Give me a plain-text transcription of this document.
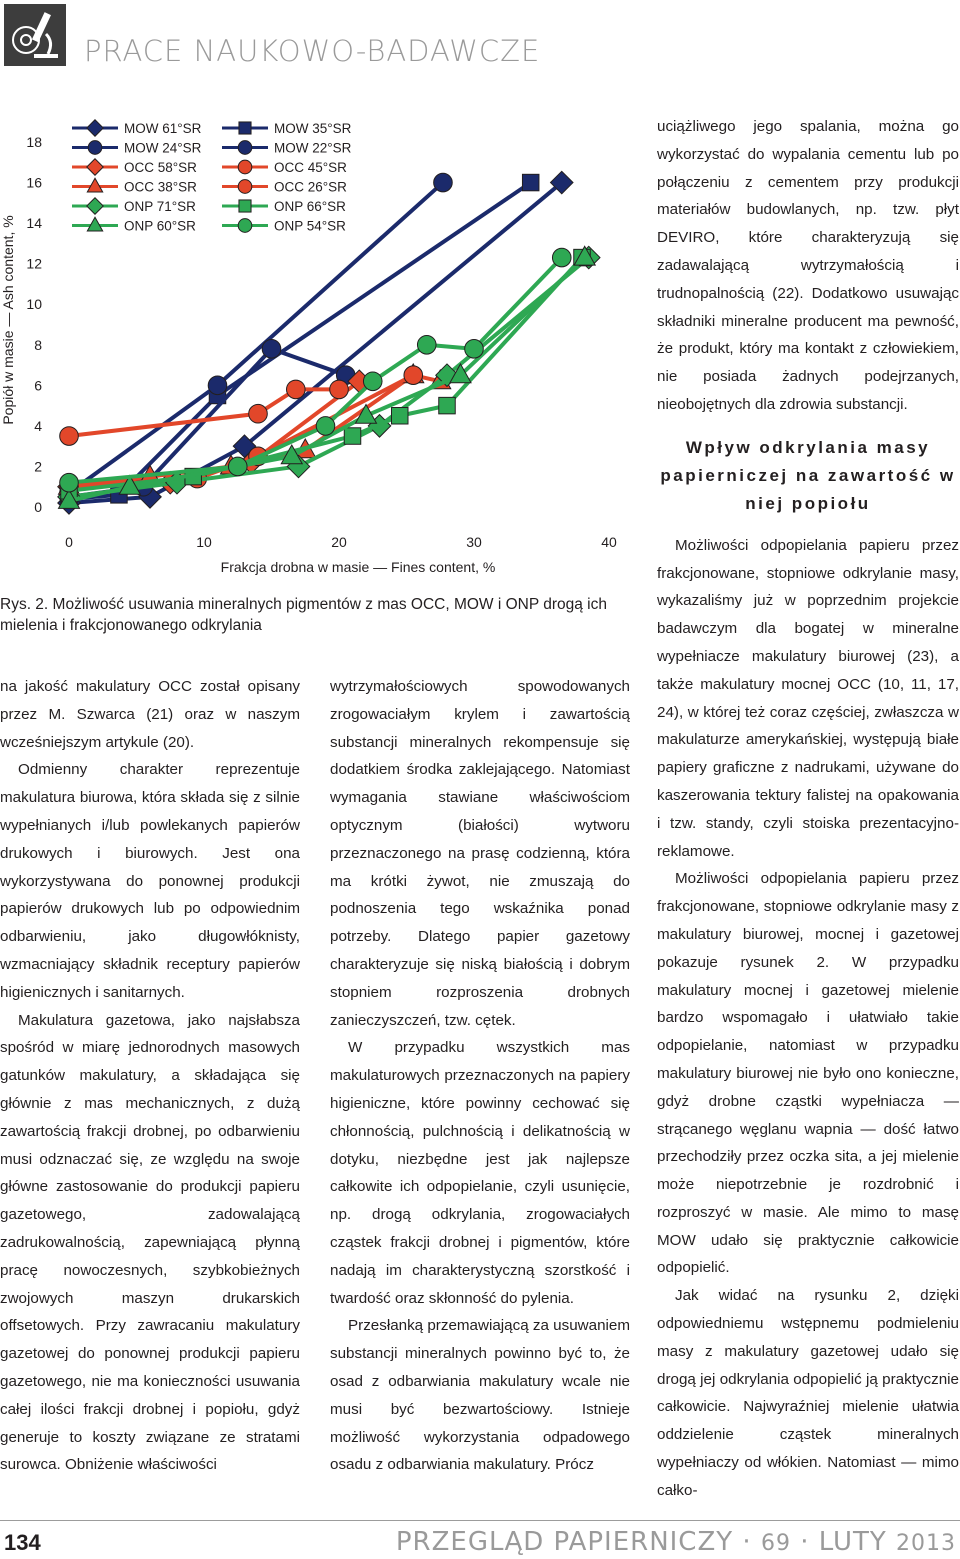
PRACE NAUKOWO-BADAWCZE
0
2
4
6
8
10
12
14
16
18
0	10	20	30	40
MOW 61°SR
MOW 24°SR
OCC 58°SR
OCC 38°SR
ONP 71°SR
ONP 60°SR
MOW 35°SR
MOW 22°SR
OCC 45°SR
OCC 26°SR
ONP 66°SR
ONP 54°SR
Frakcja drobna w masie — Fines content, %
Popiół w masie — Ash content, %
Rys. 2. Możliwość usuwania mineralnych pigmentów z mas OCC, MOW i ONP drogą ich mielenia i frakcjonowanego odkrylania

na jakość makulatury OCC został opisany przez M. Szwarca (21) oraz w naszym wcześniejszym artykule (20).

Odmienny charakter reprezentuje makulatura biurowa, która składa się z silnie wypełnianych i/lub powlekanych papierów drukowych i biurowych. Jest ona wykorzystywana do ponownej produkcji papierów drukowych lub po odpowiednim odbarwieniu, jako długowłóknisty, wzmacniający składnik receptury papierów higienicznych i sanitarnych.

Makulatura gazetowa, jako najsłabsza spośród w miarę jednorodnych masowych gatunków makulatury, a składająca się głównie z mas mechanicznych, z dużą zawartością frakcji drobnej, po odbarwieniu musi odznaczać się, ze względu na swoje główne zastosowanie do produkcji papieru gazetowego, zadowalającą zadrukowalnością, zapewniającą płynną pracę nowoczesnych, szybkobieżnych zwojowych maszyn drukarskich offsetowych. Przy zawracaniu makulatury gazetowej do ponownej produkcji papieru gazetowego, nie ma konieczności usuwania całej ilości frakcji drobnej i popiołu, gdyż generuje to koszty związane ze stratami surowca. Obniżenie właściwości

wytrzymałościowych spowodowanych zrogowaciałym krylem i zawartością substancji mineralnych rekompensuje się dodatkiem środka zaklejającego. Natomiast wymagania stawiane właściwościom optycznym (białości) wytworu przeznaczonego na prasę codzienną, która ma krótki żywot, nie zmuszają do podnoszenia tego wskaźnika ponad potrzeby. Dlatego papier gazetowy charakteryzuje się niską białością i dobrym stopniem rozproszenia drobnych zanieczyszczeń, tzw. cętek.

W przypadku wszystkich mas makulaturowych przeznaczonych na papiery higieniczne, które powinny cechować się chłonnością, pulchnością i delikatnością w dotyku, niezbędne jest jak najlepsze całkowite ich odpopielanie, czyli usunięcie, np. drogą odkrylania, zrogowaciałych cząstek frakcji drobnej i pigmentów, które nadają im charakterystyczną szorstkość i twardość oraz skłonność do pylenia.

Przesłanką przemawiającą za usuwaniem substancji mineralnych powinno być to, że osad z odbarwiania makulatury wcale nie musi być bezwartościowy. Istnieje możliwość wykorzystania odpadowego osadu z odbarwiania makulatury. Prócz

uciążliwego jego spalania, można go wykorzystać do wypalania cementu lub po połączeniu z cementem przy produkcji materiałów budowlanych, np. tzw. płyt DEVIRO, które charakteryzują się zadawalającą wytrzymałością i trudnopalnością (22). Dodatkowo usuwając składniki mineralne producent ma pewność, że produkt, który ma kontakt z człowiekiem, nie posiada żadnych podejrzanych, nieobojętnych dla zdrowia substancji.

Wpływ odkrylania masy papierniczej na zawartość w niej popiołu

Możliwości odpopielania papieru przez frakcjonowane, stopniowe odkrylanie masy, wykazaliśmy już w poprzednim projekcie badawczym dla bogatej w mineralne wypełniacze makulatury biurowej (23), a także makulatury mocnej OCC (10, 11, 17, 24), w której też coraz częściej, zwłaszcza w makulaturze amerykańskiej, występują białe papiery graficzne z nadrukami, używane do kaszerowania tektury falistej na opakowania i tzw. standy, czyli stoiska prezentacyjno-reklamowe.

Możliwości odpopielania papieru przez frakcjonowane, stopniowe odkrylanie masy z makulatury biurowej, mocnej i gazetowej pokazuje rysunek 2. W przypadku makulatury mocnej i gazetowej mielenie bardzo wspomagało i ułatwiało takie odpopielanie, natomiast w przypadku makulatury biurowej nie było ono konieczne, gdyż drobne cząstki wypełniacza — strącanego węglanu wapnia — dość łatwo przechodziły przez oczka sita, a jej mielenie może niepotrzebnie je rozdrobnić i rozproszyć w masie. Ale mimo to masę MOW udało się praktycznie całkowicie odpopielić.

Jak widać na rysunku 2, dzięki odpowiedniemu wstępnemu podmieleniu masy z makulatury gazetowej udało się drogą jej odkrylania odpopielić ją praktycznie całkowicie. Najwyraźniej mielenie ułatwia oddzielenie cząstek mineralnych wypełniaczy od włókien. Natomiast — mimo całko-

134	PRZEGLĄD PAPIERNICZY · 69 · LUTY 2013
